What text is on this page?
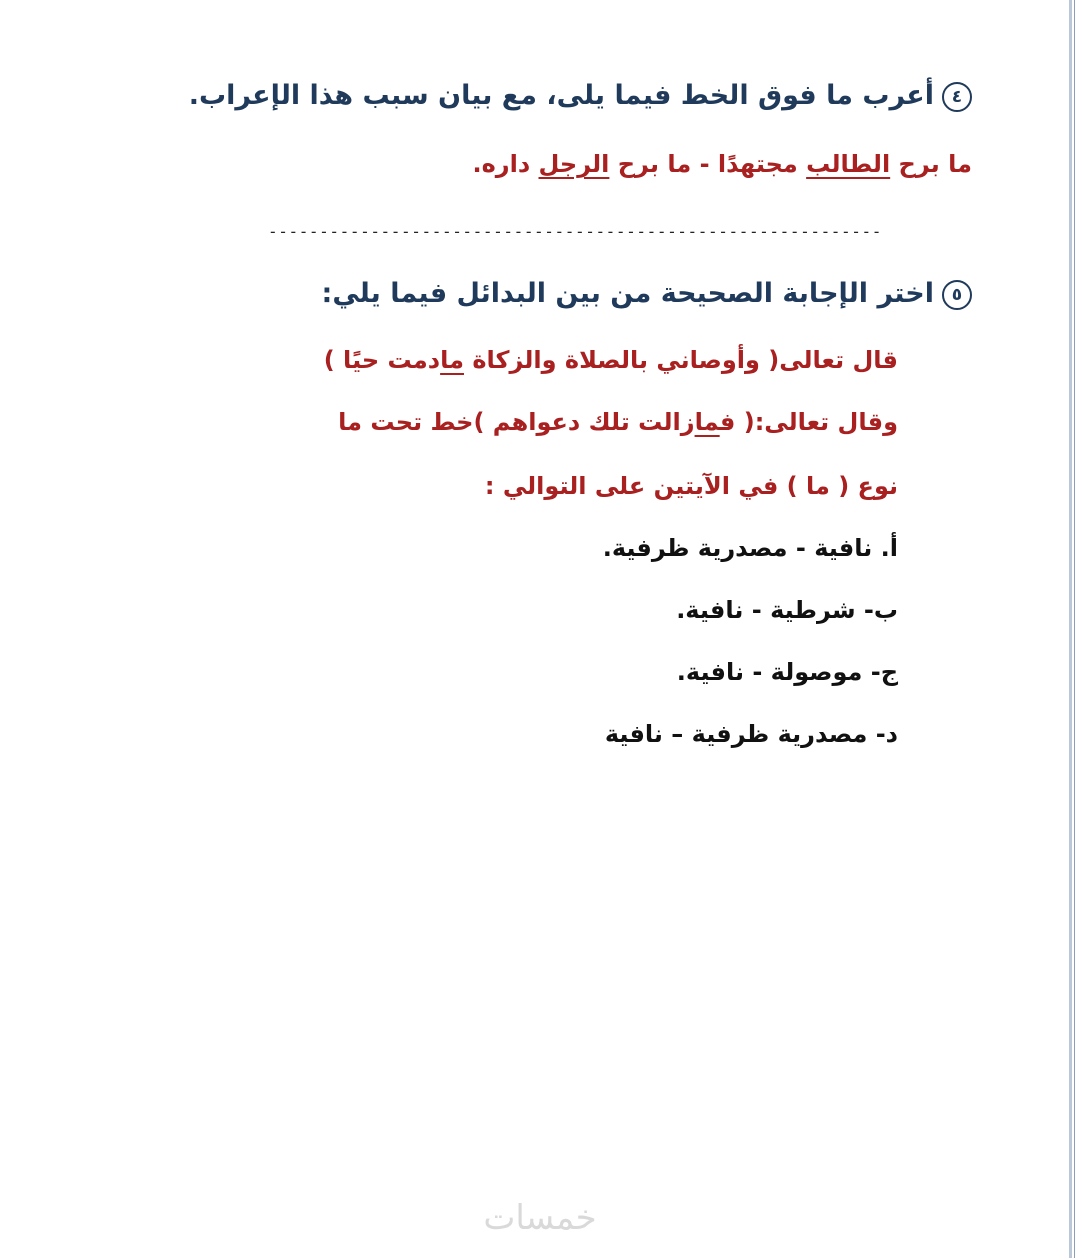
٤أعرب ما فوق الخط فيما يلى، مع بيان سبب هذا الإعراب.
ما برح الطالب مجتهدًا - ما برح الرجل داره.
------------------------------------------------------------
٥اختر الإجابة الصحيحة من بين البدائل فيما يلي:
قال تعالى( وأوصاني بالصلاة والزكاة مادمت حيًا )
وقال تعالى:( فمازالت تلك دعواهم )خط تحت ما
نوع ( ما ) في الآيتين على التوالي :
أ. نافية - مصدرية ظرفية.
ب- شرطية - نافية.
ج- موصولة - نافية.
د- مصدرية ظرفية – نافية
خمسات
